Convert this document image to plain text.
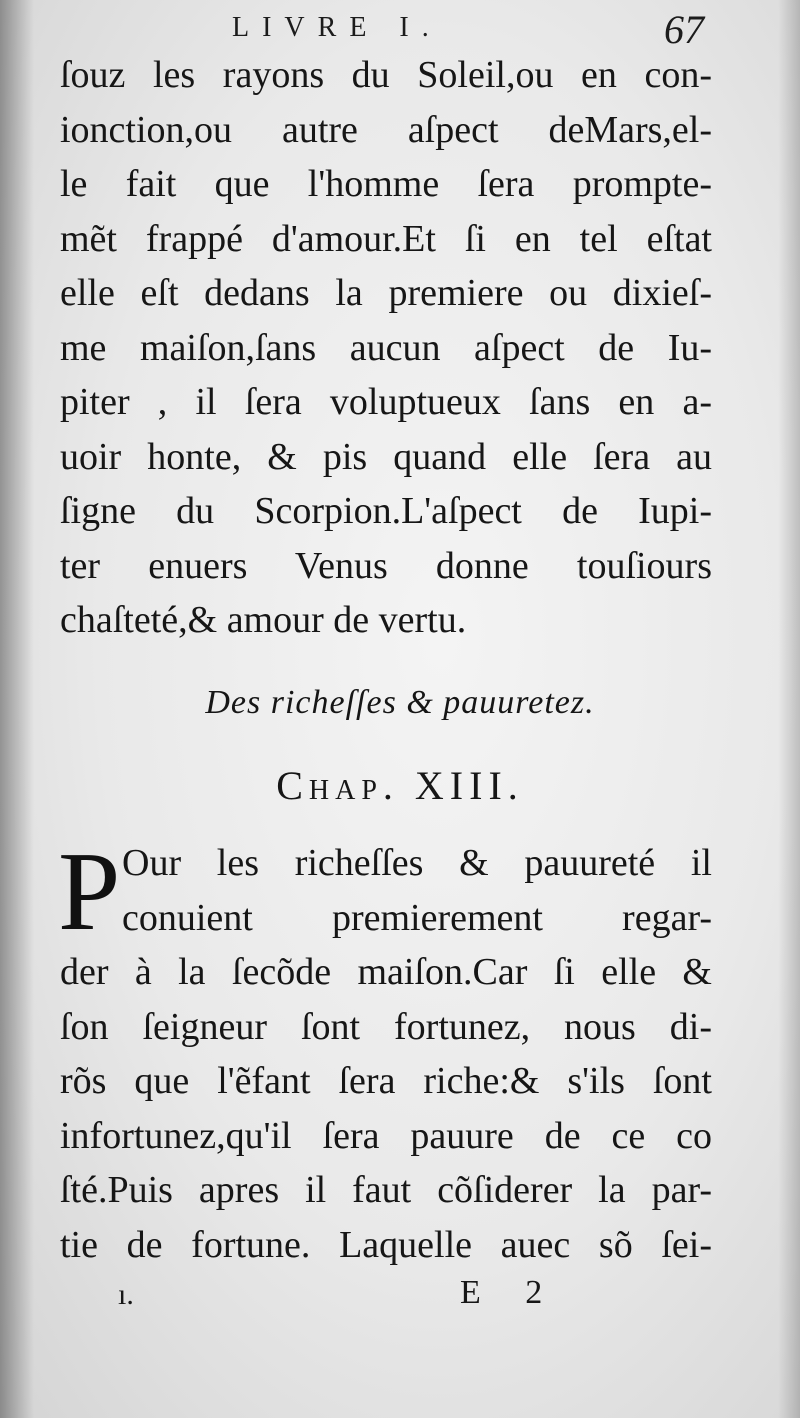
LIVRE I.	67
ſouz les rayons du Soleil,ou en con-
ionction,ou autre aſpect deMars,el-
le fait que l'homme ſera prompte-
mẽt frappé d'amour.Et ſi en tel eſtat
elle eſt dedans la premiere ou dixieſ-
me maiſon,ſans aucun aſpect de Iu-
piter , il ſera voluptueux ſans en a-
uoir honte, & pis quand elle ſera au
ſigne du Scorpion.L'aſpect de Iupi-
ter enuers Venus donne touſiours
chaſteté,& amour de vertu.
Des richeſſes & pauuretez.
Chap. XIII.
P Our les richeſſes & pauureté il
conuient premierement regar-
der à la ſecõde maiſon.Car ſi elle &
ſon ſeigneur ſont fortunez, nous di-
rõs que l'ẽfant ſera riche:& s'ils ſont
infortunez,qu'il ſera pauure de ce co
ſté.Puis apres il faut cõſiderer la par-
tie de fortune. Laquelle auec sõ ſei-
ı.	E 2
